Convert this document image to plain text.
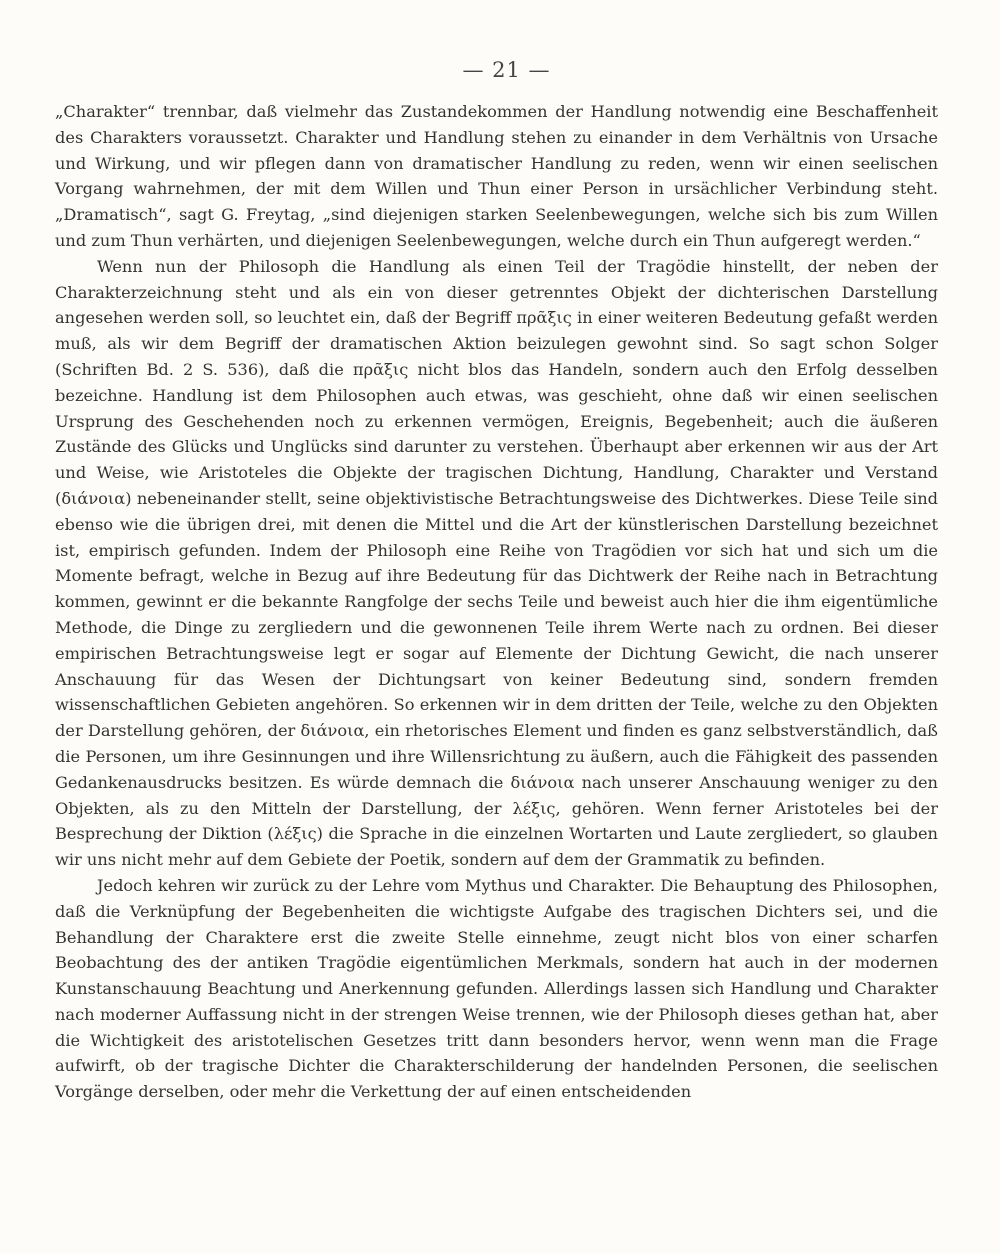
— 21 —

„Charakter“ trennbar, daß vielmehr das Zustandekommen der Handlung notwendig eine Beschaffenheit des Charakters voraussetzt. Charakter und Handlung stehen zu einander in dem Verhältnis von Ursache und Wirkung, und wir pflegen dann von dramatischer Handlung zu reden, wenn wir einen seelischen Vorgang wahrnehmen, der mit dem Willen und Thun einer Person in ursächlicher Verbindung steht. „Dramatisch“, sagt G. Freytag, „sind diejenigen starken Seelenbewegungen, welche sich bis zum Willen und zum Thun verhärten, und diejenigen Seelenbewegungen, welche durch ein Thun aufgeregt werden.“

Wenn nun der Philosoph die Handlung als einen Teil der Tragödie hinstellt, der neben der Charakterzeichnung steht und als ein von dieser getrenntes Objekt der dichterischen Darstellung angesehen werden soll, so leuchtet ein, daß der Begriff πρᾶξις in einer weiteren Bedeutung gefaßt werden muß, als wir dem Begriff der dramatischen Aktion beizulegen gewohnt sind. So sagt schon Solger (Schriften Bd. 2 S. 536), daß die πρᾶξις nicht blos das Handeln, sondern auch den Erfolg desselben bezeichne. Handlung ist dem Philosophen auch etwas, was geschieht, ohne daß wir einen seelischen Ursprung des Geschehenden noch zu erkennen vermögen, Ereignis, Begebenheit; auch die äußeren Zustände des Glücks und Unglücks sind darunter zu verstehen. Überhaupt aber erkennen wir aus der Art und Weise, wie Aristoteles die Objekte der tragischen Dichtung, Handlung, Charakter und Verstand (διάνοια) nebeneinander stellt, seine objektivistische Betrachtungsweise des Dichtwerkes. Diese Teile sind ebenso wie die übrigen drei, mit denen die Mittel und die Art der künstlerischen Darstellung bezeichnet ist, empirisch gefunden. Indem der Philosoph eine Reihe von Tragödien vor sich hat und sich um die Momente befragt, welche in Bezug auf ihre Bedeutung für das Dichtwerk der Reihe nach in Betrachtung kommen, gewinnt er die bekannte Rangfolge der sechs Teile und beweist auch hier die ihm eigentümliche Methode, die Dinge zu zergliedern und die gewonnenen Teile ihrem Werte nach zu ordnen. Bei dieser empirischen Betrachtungsweise legt er sogar auf Elemente der Dichtung Gewicht, die nach unserer Anschauung für das Wesen der Dichtungsart von keiner Bedeutung sind, sondern fremden wissenschaftlichen Gebieten angehören. So erkennen wir in dem dritten der Teile, welche zu den Objekten der Darstellung gehören, der διάνοια, ein rhetorisches Element und finden es ganz selbstverständlich, daß die Personen, um ihre Gesinnungen und ihre Willensrichtung zu äußern, auch die Fähigkeit des passenden Gedankenausdrucks besitzen. Es würde demnach die διάνοια nach unserer Anschauung weniger zu den Objekten, als zu den Mitteln der Darstellung, der λέξις, gehören. Wenn ferner Aristoteles bei der Besprechung der Diktion (λέξις) die Sprache in die einzelnen Wortarten und Laute zergliedert, so glauben wir uns nicht mehr auf dem Gebiete der Poetik, sondern auf dem der Grammatik zu befinden.

Jedoch kehren wir zurück zu der Lehre vom Mythus und Charakter. Die Behauptung des Philosophen, daß die Verknüpfung der Begebenheiten die wichtigste Aufgabe des tragischen Dichters sei, und die Behandlung der Charaktere erst die zweite Stelle einnehme, zeugt nicht blos von einer scharfen Beobachtung des der antiken Tragödie eigentümlichen Merkmals, sondern hat auch in der modernen Kunstanschauung Beachtung und Anerkennung gefunden. Allerdings lassen sich Handlung und Charakter nach moderner Auffassung nicht in der strengen Weise trennen, wie der Philosoph dieses gethan hat, aber die Wichtigkeit des aristotelischen Gesetzes tritt dann besonders hervor, wenn wenn man die Frage aufwirft, ob der tragische Dichter die Charakterschilderung der handelnden Personen, die seelischen Vorgänge derselben, oder mehr die Verkettung der auf einen entscheidenden
